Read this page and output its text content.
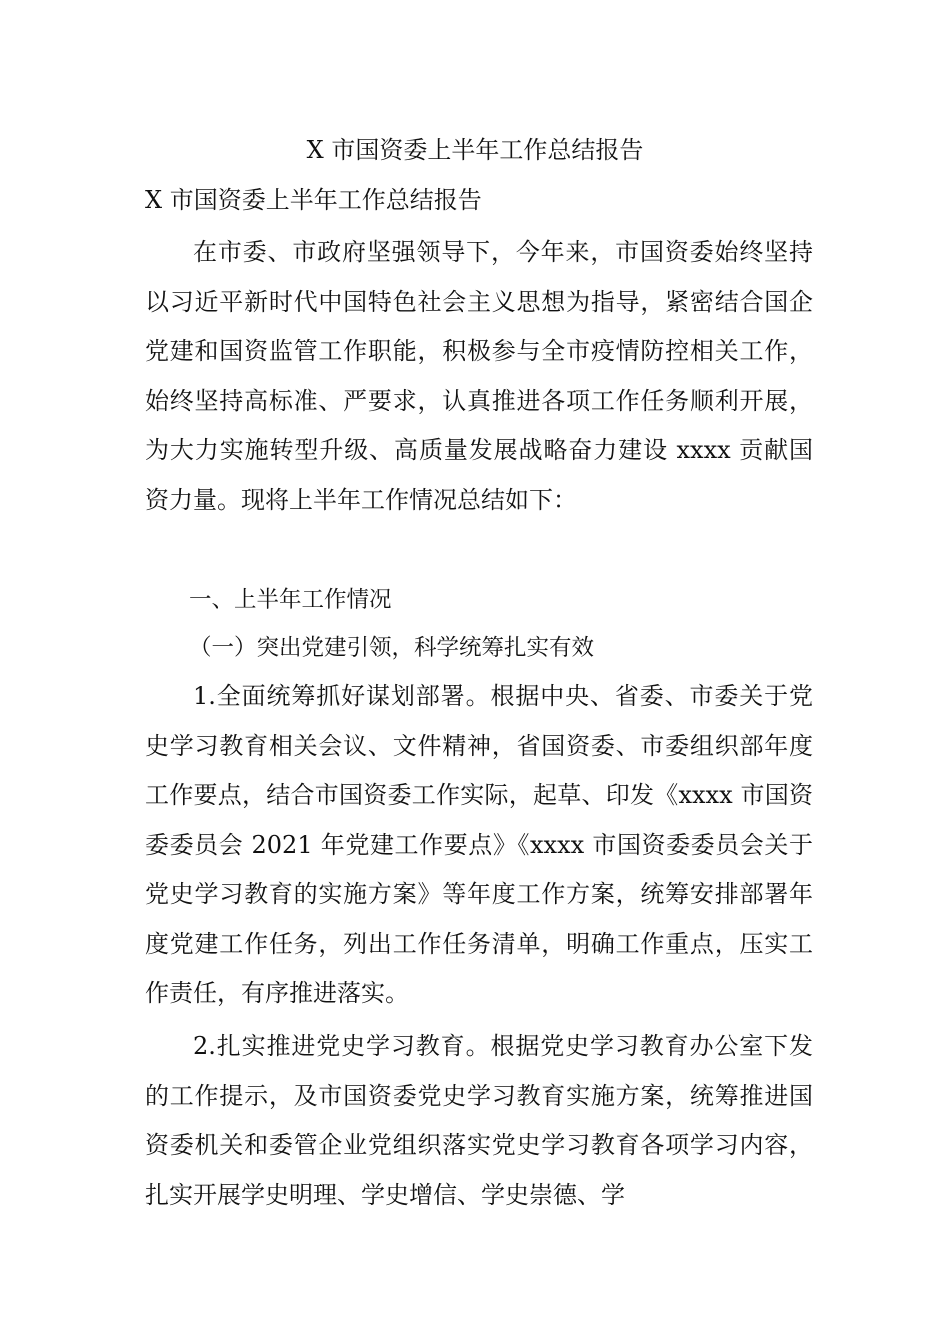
X 市国资委上半年工作总结报告

X 市国资委上半年工作总结报告

在市委、市政府坚强领导下，今年来，市国资委始终坚持以习近平新时代中国特色社会主义思想为指导，紧密结合国企党建和国资监管工作职能，积极参与全市疫情防控相关工作，始终坚持高标准、严要求，认真推进各项工作任务顺利开展，为大力实施转型升级、高质量发展战略奋力建设 xxxx 贡献国资力量。现将上半年工作情况总结如下：

一、上半年工作情况

（一）突出党建引领，科学统筹扎实有效

1.全面统筹抓好谋划部署。根据中央、省委、市委关于党史学习教育相关会议、文件精神，省国资委、市委组织部年度工作要点，结合市国资委工作实际，起草、印发《xxxx 市国资委委员会 2021 年党建工作要点》《xxxx 市国资委委员会关于党史学习教育的实施方案》等年度工作方案，统筹安排部署年度党建工作任务，列出工作任务清单，明确工作重点，压实工作责任，有序推进落实。

2.扎实推进党史学习教育。根据党史学习教育办公室下发的工作提示，及市国资委党史学习教育实施方案，统筹推进国资委机关和委管企业党组织落实党史学习教育各项学习内容，扎实开展学史明理、学史增信、学史崇德、学
